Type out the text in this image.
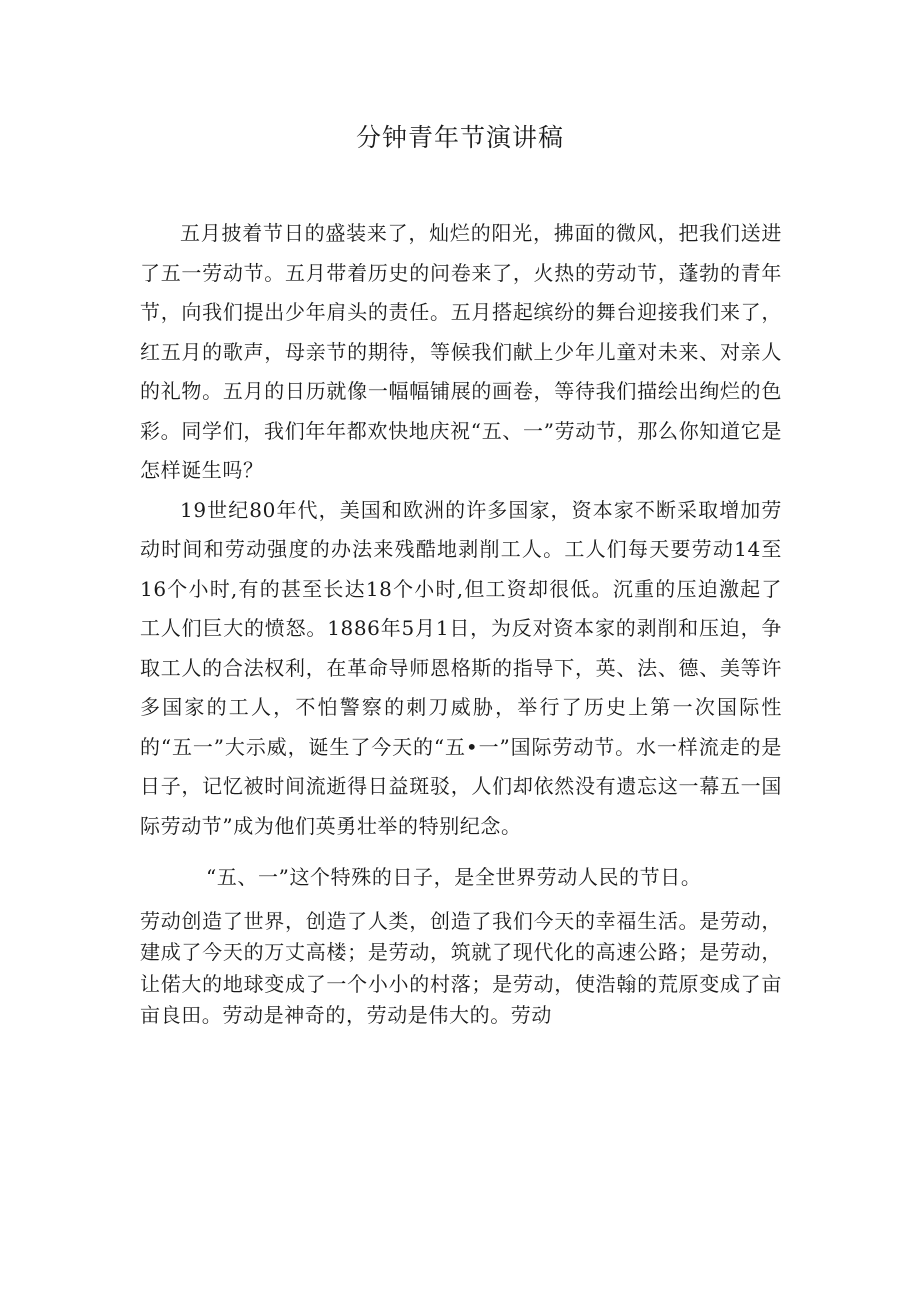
分钟青年节演讲稿

五月披着节日的盛装来了，灿烂的阳光，拂面的微风，把我们送进了五一劳动节。五月带着历史的问卷来了，火热的劳动节，蓬勃的青年节，向我们提出少年肩头的责任。五月搭起缤纷的舞台迎接我们来了，红五月的歌声，母亲节的期待，等候我们献上少年儿童对未来、对亲人的礼物。五月的日历就像一幅幅铺展的画卷，等待我们描绘出绚烂的色彩。同学们，我们年年都欢快地庆祝“五、一”劳动节，那么你知道它是怎样诞生吗？

19世纪80年代，美国和欧洲的许多国家，资本家不断采取增加劳动时间和劳动强度的办法来残酷地剥削工人。工人们每天要劳动14至16个小时,有的甚至长达18个小时,但工资却很低。沉重的压迫激起了工人们巨大的愤怒。1886年5月1日，为反对资本家的剥削和压迫，争取工人的合法权利，在革命导师恩格斯的指导下，英、法、德、美等许多国家的工人，不怕警察的刺刀威胁，举行了历史上第一次国际性的“五一”大示威，诞生了今天的“五•一”国际劳动节。水一样流走的是日子，记忆被时间流逝得日益斑驳，人们却依然没有遗忘这一幕五一国际劳动节”成为他们英勇壮举的特别纪念。

“五、一”这个特殊的日子，是全世界劳动人民的节日。

劳动创造了世界，创造了人类，创造了我们今天的幸福生活。是劳动，建成了今天的万丈高楼；是劳动，筑就了现代化的高速公路；是劳动，让偌大的地球变成了一个小小的村落；是劳动，使浩翰的荒原变成了亩亩良田。劳动是神奇的，劳动是伟大的。劳动
